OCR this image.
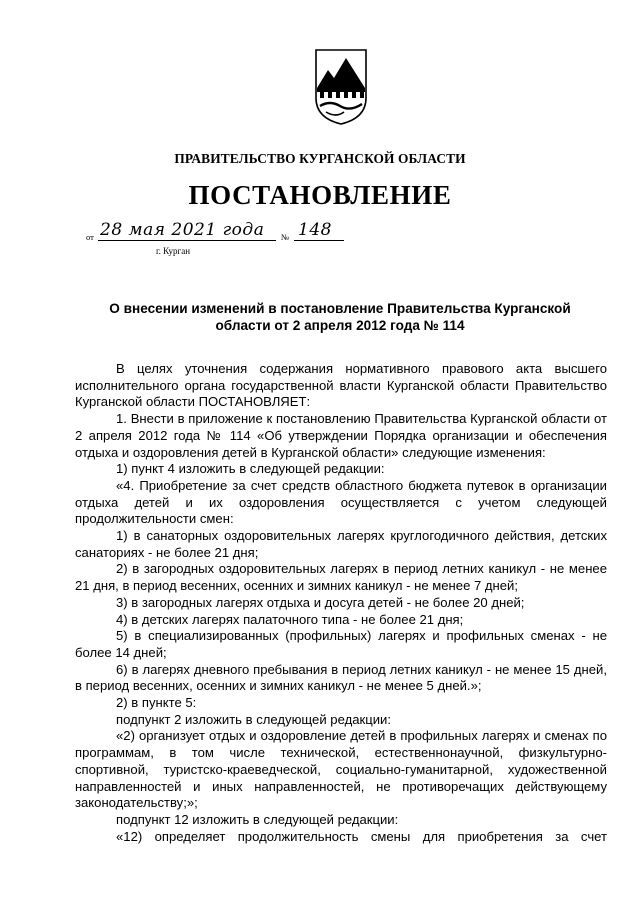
ПРАВИТЕЛЬСТВО КУРГАНСКОЙ ОБЛАСТИ
ПОСТАНОВЛЕНИЕ
от 28 мая 2021 года № 148
г. Курган
О внесении изменений в постановление Правительства Курганской
области от 2 апреля 2012 года № 114

В целях уточнения содержания нормативного правового акта высшего исполнительного органа государственной власти Курганской области Правительство Курганской области ПОСТАНОВЛЯЕТ:

1. Внести в приложение к постановлению Правительства Курганской области от 2 апреля 2012 года № 114 «Об утверждении Порядка организации и обеспечения отдыха и оздоровления детей в Курганской области» следующие изменения:

1) пункт 4 изложить в следующей редакции:

«4. Приобретение за счет средств областного бюджета путевок в организации отдыха детей и их оздоровления осуществляется с учетом следующей продолжительности смен:

1) в санаторных оздоровительных лагерях круглогодичного действия, детских санаториях - не более 21 дня;

2) в загородных оздоровительных лагерях в период летних каникул - не менее 21 дня, в период весенних, осенних и зимних каникул - не менее 7 дней;

3) в загородных лагерях отдыха и досуга детей - не более 20 дней;

4) в детских лагерях палаточного типа - не более 21 дня;

5) в специализированных (профильных) лагерях и профильных сменах - не более 14 дней;

6) в лагерях дневного пребывания в период летних каникул - не менее 15 дней, в период весенних, осенних и зимних каникул - не менее 5 дней.»;

2) в пункте 5:

подпункт 2 изложить в следующей редакции:

«2) организует отдых и оздоровление детей в профильных лагерях и сменах по программам, в том числе технической, естественнонаучной, физкультурно-спортивной, туристско-краеведческой, социально-гуманитарной, художественной направленностей и иных направленностей, не противоречащих действующему законодательству;»;

подпункт 12 изложить в следующей редакции:

«12) определяет продолжительность смены для приобретения за счет
